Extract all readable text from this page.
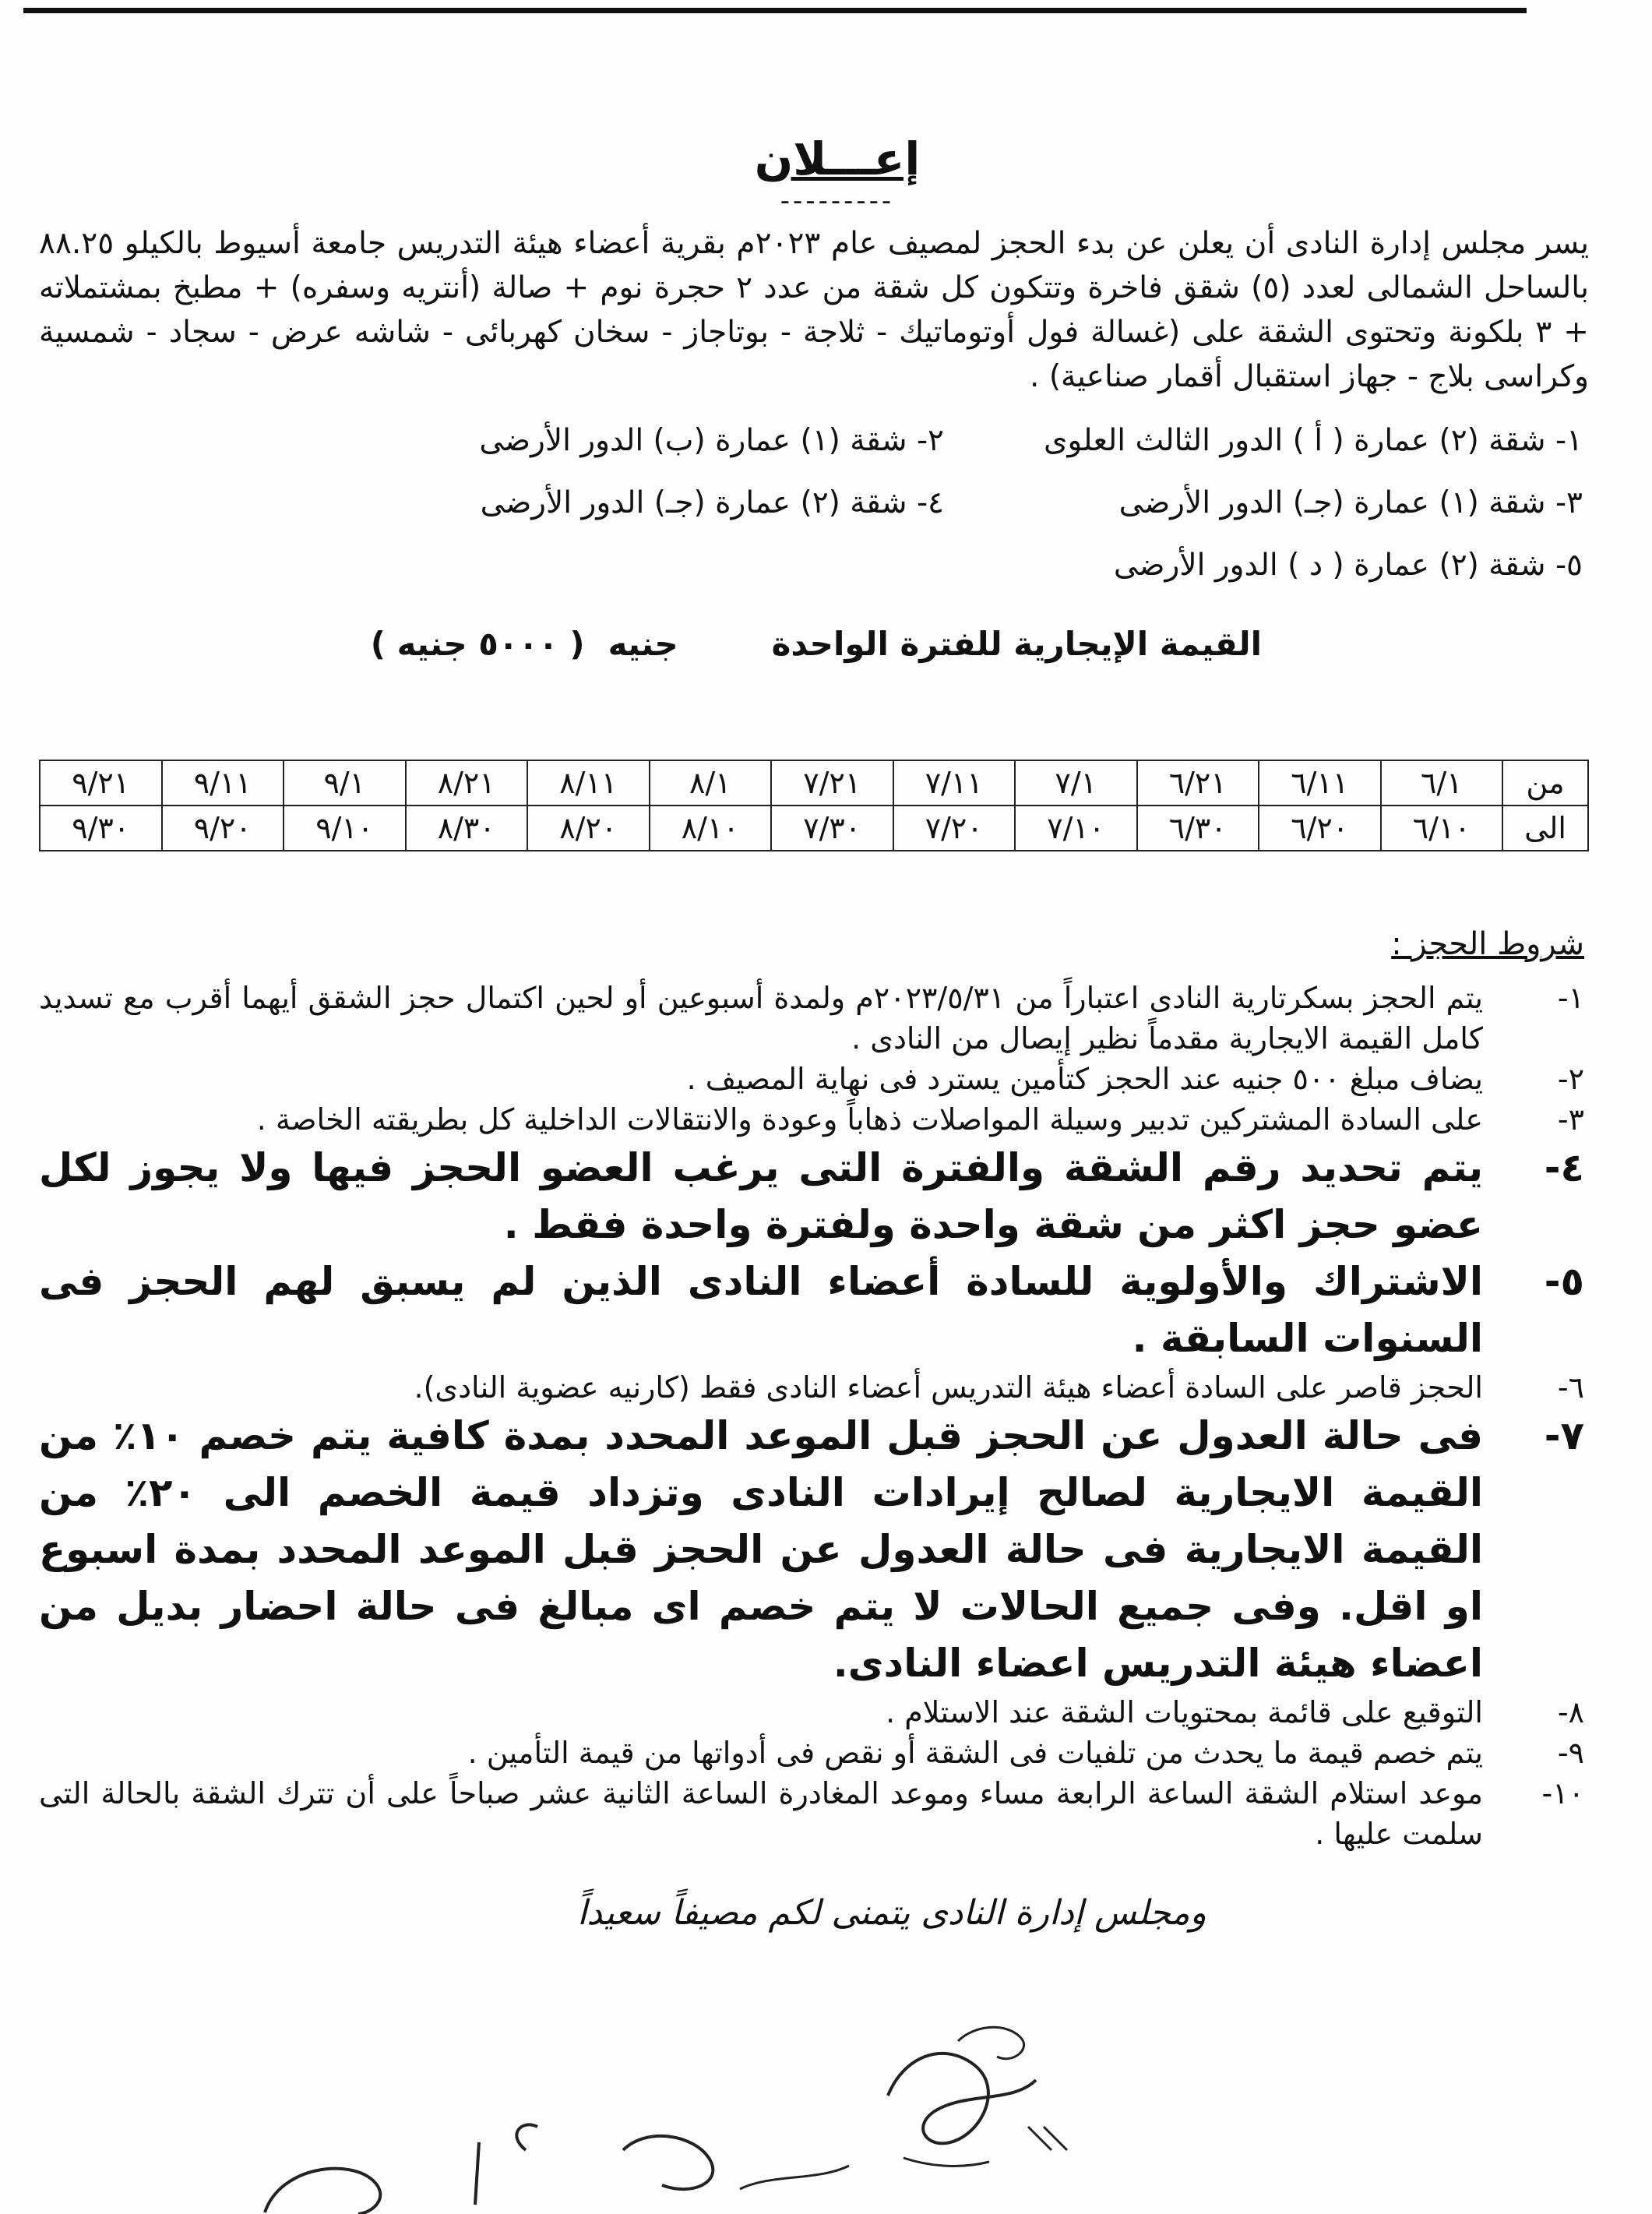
إعـــلان
---------

يسر مجلس إدارة النادى أن يعلن عن بدء الحجز لمصيف عام ٢٠٢٣م بقرية أعضاء هيئة التدريس جامعة أسيوط بالكيلو ٨٨.٢٥ بالساحل الشمالى لعدد (٥) شقق فاخرة وتتكون كل شقة من عدد ٢ حجرة نوم + صالة (أنتريه وسفره) + مطبخ بمشتملاته + ٣ بلكونة وتحتوى الشقة على (غسالة فول أوتوماتيك - ثلاجة - بوتاجاز - سخان كهربائى - شاشه عرض - سجاد - شمسية وكراسى بلاج - جهاز استقبال أقمار صناعية) .

١- شقة (٢) عمارة ( أ ) الدور الثالث العلوى
٢- شقة (١) عمارة (ب) الدور الأرضى
٣- شقة (١) عمارة (جـ) الدور الأرضى
٤- شقة (٢) عمارة (جـ) الدور الأرضى
٥- شقة (٢) عمارة ( د ) الدور الأرضى
القيمة الإيجارية للفترة الواحدة
جنيه
( ٥٠٠٠ جنيه )
من	٦/١	٦/١١	٦/٢١	٧/١	٧/١١	٧/٢١	٨/١	٨/١١	٨/٢١	٩/١	٩/١١	٩/٢١
الى	٦/١٠	٦/٢٠	٦/٣٠	٧/١٠	٧/٢٠	٧/٣٠	٨/١٠	٨/٢٠	٨/٣٠	٩/١٠	٩/٢٠	٩/٣٠
شروط الحجز :
١-
يتم الحجز بسكرتارية النادى اعتباراً من ٢٠٢٣/٥/٣١م ولمدة أسبوعين أو لحين اكتمال حجز الشقق أيهما أقرب مع تسديد كامل القيمة الايجارية مقدماً نظير إيصال من النادى .
٢-
يضاف مبلغ ٥٠٠ جنيه عند الحجز كتأمين يسترد فى نهاية المصيف .
٣-
على السادة المشتركين تدبير وسيلة المواصلات ذهاباً وعودة والانتقالات الداخلية كل بطريقته الخاصة .
٤-
يتم تحديد رقم الشقة والفترة التى يرغب العضو الحجز فيها ولا يجوز لكل عضو حجز اكثر من شقة واحدة ولفترة واحدة فقط .
٥-
الاشتراك والأولوية للسادة أعضاء النادى الذين لم يسبق لهم الحجز فى السنوات السابقة .
٦-
الحجز قاصر على السادة أعضاء هيئة التدريس أعضاء النادى فقط (كارنيه عضوية النادى).
٧-
فى حالة العدول عن الحجز قبل الموعد المحدد بمدة كافية يتم خصم ١٠٪ من القيمة الايجارية لصالح إيرادات النادى وتزداد قيمة الخصم الى ٢٠٪ من القيمة الايجارية فى حالة العدول عن الحجز قبل الموعد المحدد بمدة اسبوع او اقل. وفى جميع الحالات لا يتم خصم اى مبالغ فى حالة احضار بديل من اعضاء هيئة التدريس اعضاء النادى.
٨-
التوقيع على قائمة بمحتويات الشقة عند الاستلام .
٩-
يتم خصم قيمة ما يحدث من تلفيات فى الشقة أو نقص فى أدواتها من قيمة التأمين .
١٠-
موعد استلام الشقة الساعة الرابعة مساء وموعد المغادرة الساعة الثانية عشر صباحاً على أن تترك الشقة بالحالة التى سلمت عليها .
ومجلس إدارة النادى يتمنى لكم مصيفاً سعيداً
